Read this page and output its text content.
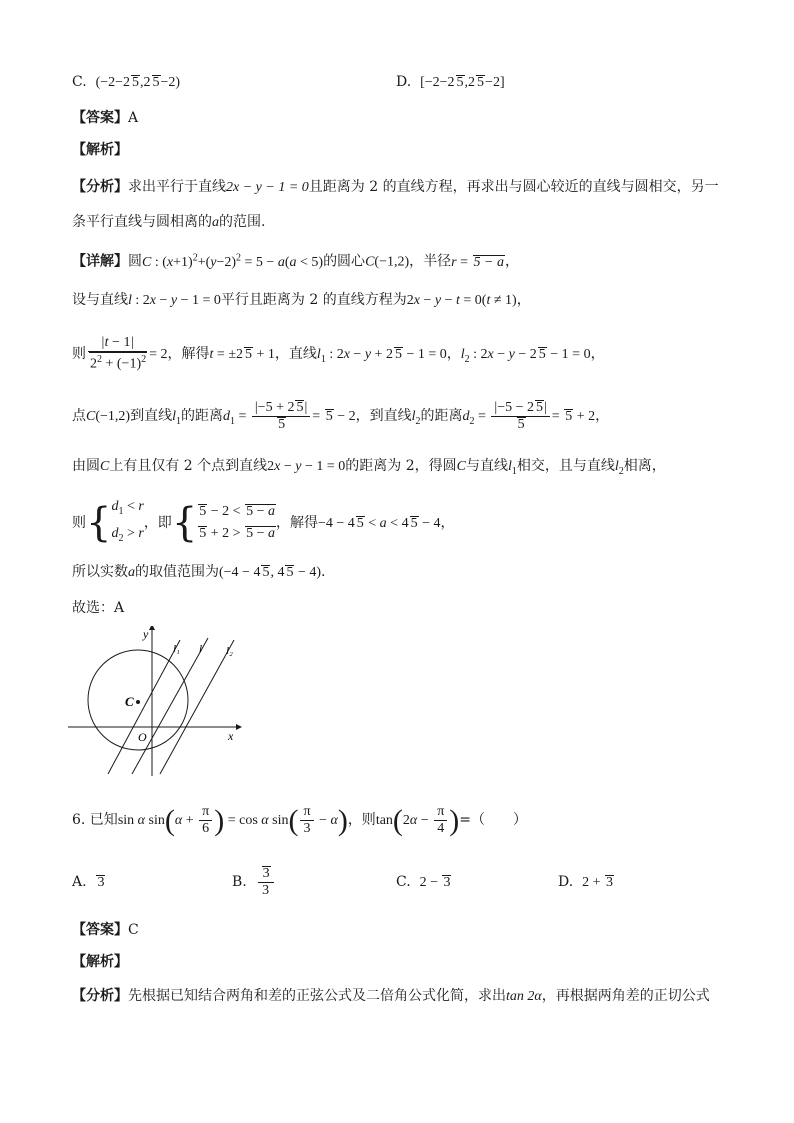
C. (−2−2 5,2 5−2)	D. [−2−2 5,2 5−2]
【答案】A
【解析】
【分析】求出平行于直线2x − y − 1 = 0且距离为 2 的直线方程，再求出与圆心较近的直线与圆相交，另一
条平行直线与圆相离的a的范围.
【详解】圆C : $(x+1)^2+(y-2)^2 = 5 - a(a < 5)$的圆心C(−1,2)，半径r = 5 − a，
设与直线l : 2x − y − 1 = 0平行且距离为 2 的直线方程为2x − y − t = 0(t ≠ 1)，
则 $\frac{|t - 1|}{2^2 + (-1)^2} = 2$，解得t = ±2 5 + 1，直线$l_1$ : 2x − y + 2 5 − 1 = 0，$l_2$ : 2x − y − 2 5 − 1 = 0，
点C(−1,2)到直线$l_1$的距离$d_1 = \frac{|-5 + 2 5|}{5} = 5 - 2$，到直线$l_2$的距离$d_2 = \frac{|-5 - 2 5|}{5} = 5 + 2$，
由圆C上有且仅有 2 个点到直线2x − y − 1 = 0的距离为 2，得圆C与直线$l_1$相交，且与直线$l_2$相离，
则{ $d_1 < r$
$d_2 > r$
，即{ 5 − 2 < 5 − a
5 + 2 > 5 − a
，解得−4 − 4 5 < a < 4 5 − 4，
所以实数a的取值范围为(−4 − 4 5, 4 5 − 4).
故选：A
y
x
O
C
l₁ l l₂
6. 已知sin α $\sin(\alpha + \frac{\pi}{6}$ ) = cos α $\sin( \frac{\pi}{3} - \alpha)$，则$\tan(2\alpha - \frac{\pi}{4}$ )=（　　）
A. 3	B. $\frac{3}{3}$	C. 2 − 3	D. 2 + 3
【答案】C
【解析】
【分析】先根据已知结合两角和差的正弦公式及二倍角公式化简，求出tan 2α，再根据两角差的正切公式
